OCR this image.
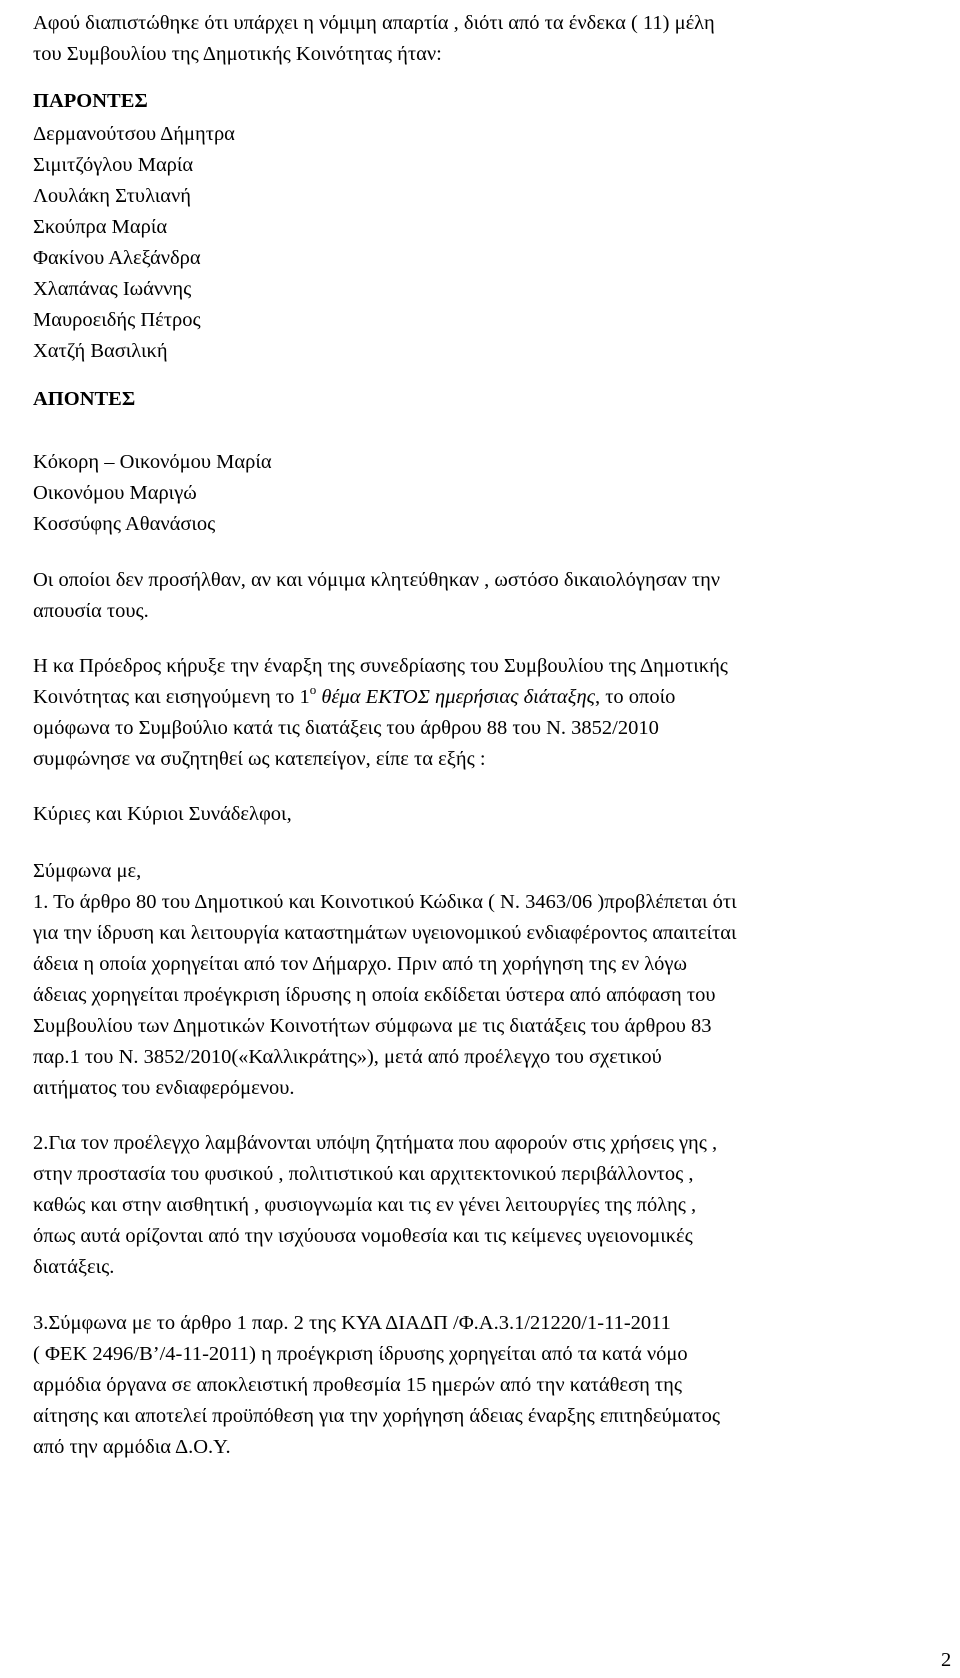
Αφού διαπιστώθηκε ότι υπάρχει η νόμιμη απαρτία , διότι από τα ένδεκα ( 11) μέλη
του Συμβουλίου της Δημοτικής Κοινότητας ήταν:
ΠΑΡΟΝΤΕΣ
Δερμανούτσου Δήμητρα
Σιμιτζόγλου Μαρία
Λουλάκη Στυλιανή
Σκούπρα Μαρία
Φακίνου Αλεξάνδρα
Χλαπάνας Ιωάννης
Μαυροειδής Πέτρος
Χατζή Βασιλική
ΑΠΟΝΤΕΣ
Κόκορη – Οικονόμου Μαρία
Οικονόμου Μαριγώ
Κοσσύφης Αθανάσιος
Οι οποίοι δεν προσήλθαν, αν και νόμιμα κλητεύθηκαν , ωστόσο δικαιολόγησαν την
απουσία τους.
Η κα Πρόεδρος κήρυξε την έναρξη της συνεδρίασης του Συμβουλίου της Δημοτικής
Κοινότητας και εισηγούμενη το $1^o$ θέμα ΕΚΤΟΣ ημερήσιας διάταξης, το οποίο
ομόφωνα το Συμβούλιο κατά τις διατάξεις του άρθρου 88 του Ν. 3852/2010
συμφώνησε να συζητηθεί ως κατεπείγον, είπε τα εξής :
Κύριες και Κύριοι Συνάδελφοι,
Σύμφωνα με,
1. Το άρθρο 80 του Δημοτικού και Κοινοτικού Κώδικα ( Ν. 3463/06 )προβλέπεται ότι
για την ίδρυση και λειτουργία καταστημάτων υγειονομικού ενδιαφέροντος απαιτείται
άδεια η οποία χορηγείται από τον Δήμαρχο. Πριν από τη χορήγηση της εν λόγω
άδειας χορηγείται προέγκριση ίδρυσης η οποία εκδίδεται ύστερα από απόφαση του
Συμβουλίου των Δημοτικών Κοινοτήτων σύμφωνα με τις διατάξεις του άρθρου 83
παρ.1 του Ν. 3852/2010(«Καλλικράτης»), μετά από προέλεγχο του σχετικού
αιτήματος του ενδιαφερόμενου.
2.Για τον προέλεγχο λαμβάνονται υπόψη ζητήματα που αφορούν στις χρήσεις γης ,
στην προστασία του φυσικού , πολιτιστικού και αρχιτεκτονικού περιβάλλοντος ,
καθώς και στην αισθητική , φυσιογνωμία και τις εν γένει λειτουργίες της πόλης ,
όπως αυτά ορίζονται από την ισχύουσα νομοθεσία και τις κείμενες υγειονομικές
διατάξεις.
3.Σύμφωνα με το άρθρο 1 παρ. 2 της ΚΥΑ ΔΙΑΔΠ /Φ.Α.3.1/21220/1-11-2011
( ΦΕΚ 2496/Β’/4-11-2011) η προέγκριση ίδρυσης χορηγείται από τα κατά νόμο
αρμόδια όργανα σε αποκλειστική προθεσμία 15 ημερών από την κατάθεση της
αίτησης και αποτελεί προϋπόθεση για την χορήγηση άδειας έναρξης επιτηδεύματος
από την αρμόδια Δ.Ο.Υ.
2
